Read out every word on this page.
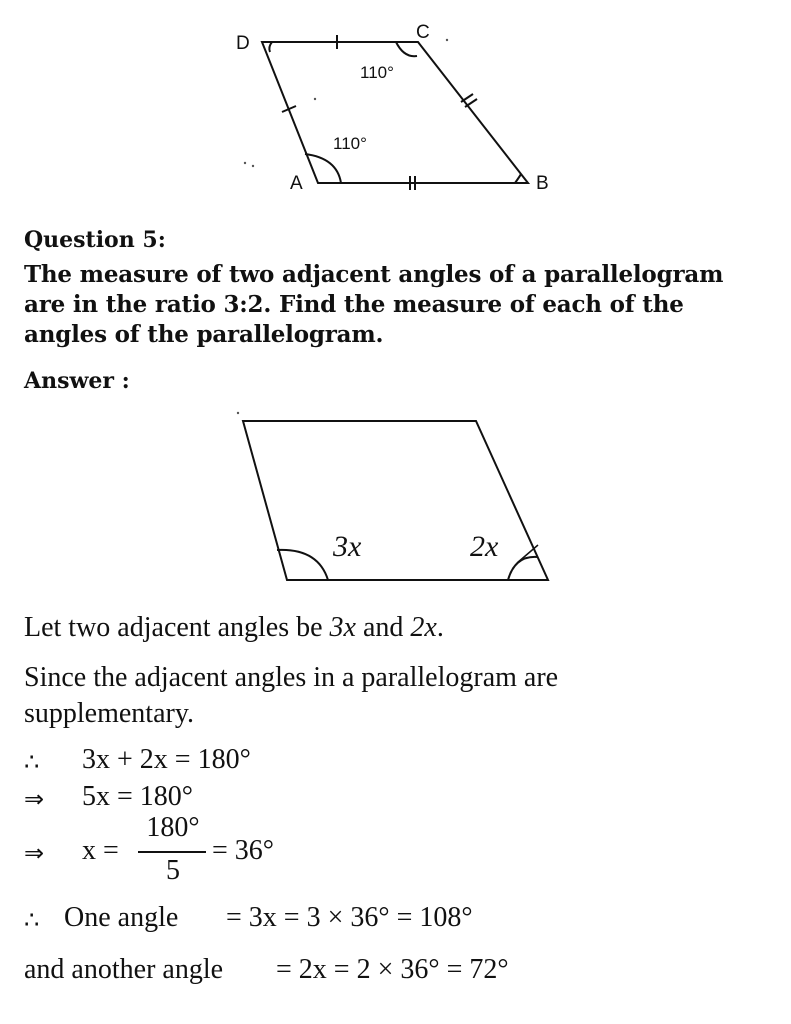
D
C
A	B
110°
110°
Question 5:
The measure of two adjacent angles of a parallelogram are in the ratio 3:2. Find the measure of each of the angles of the parallelogram.
Answer :
3x	2x
Let two adjacent angles be 3x and 2x.
Since the adjacent angles in a parallelogram are supplementary.
∴ 3x + 2x = 180°
⇒ 5x = 180°
⇒ x =
180°
5
= 36°
∴ One angle = 3x = 3 × 36° = 108°
and another angle = 2x = 2 × 36° = 72°
